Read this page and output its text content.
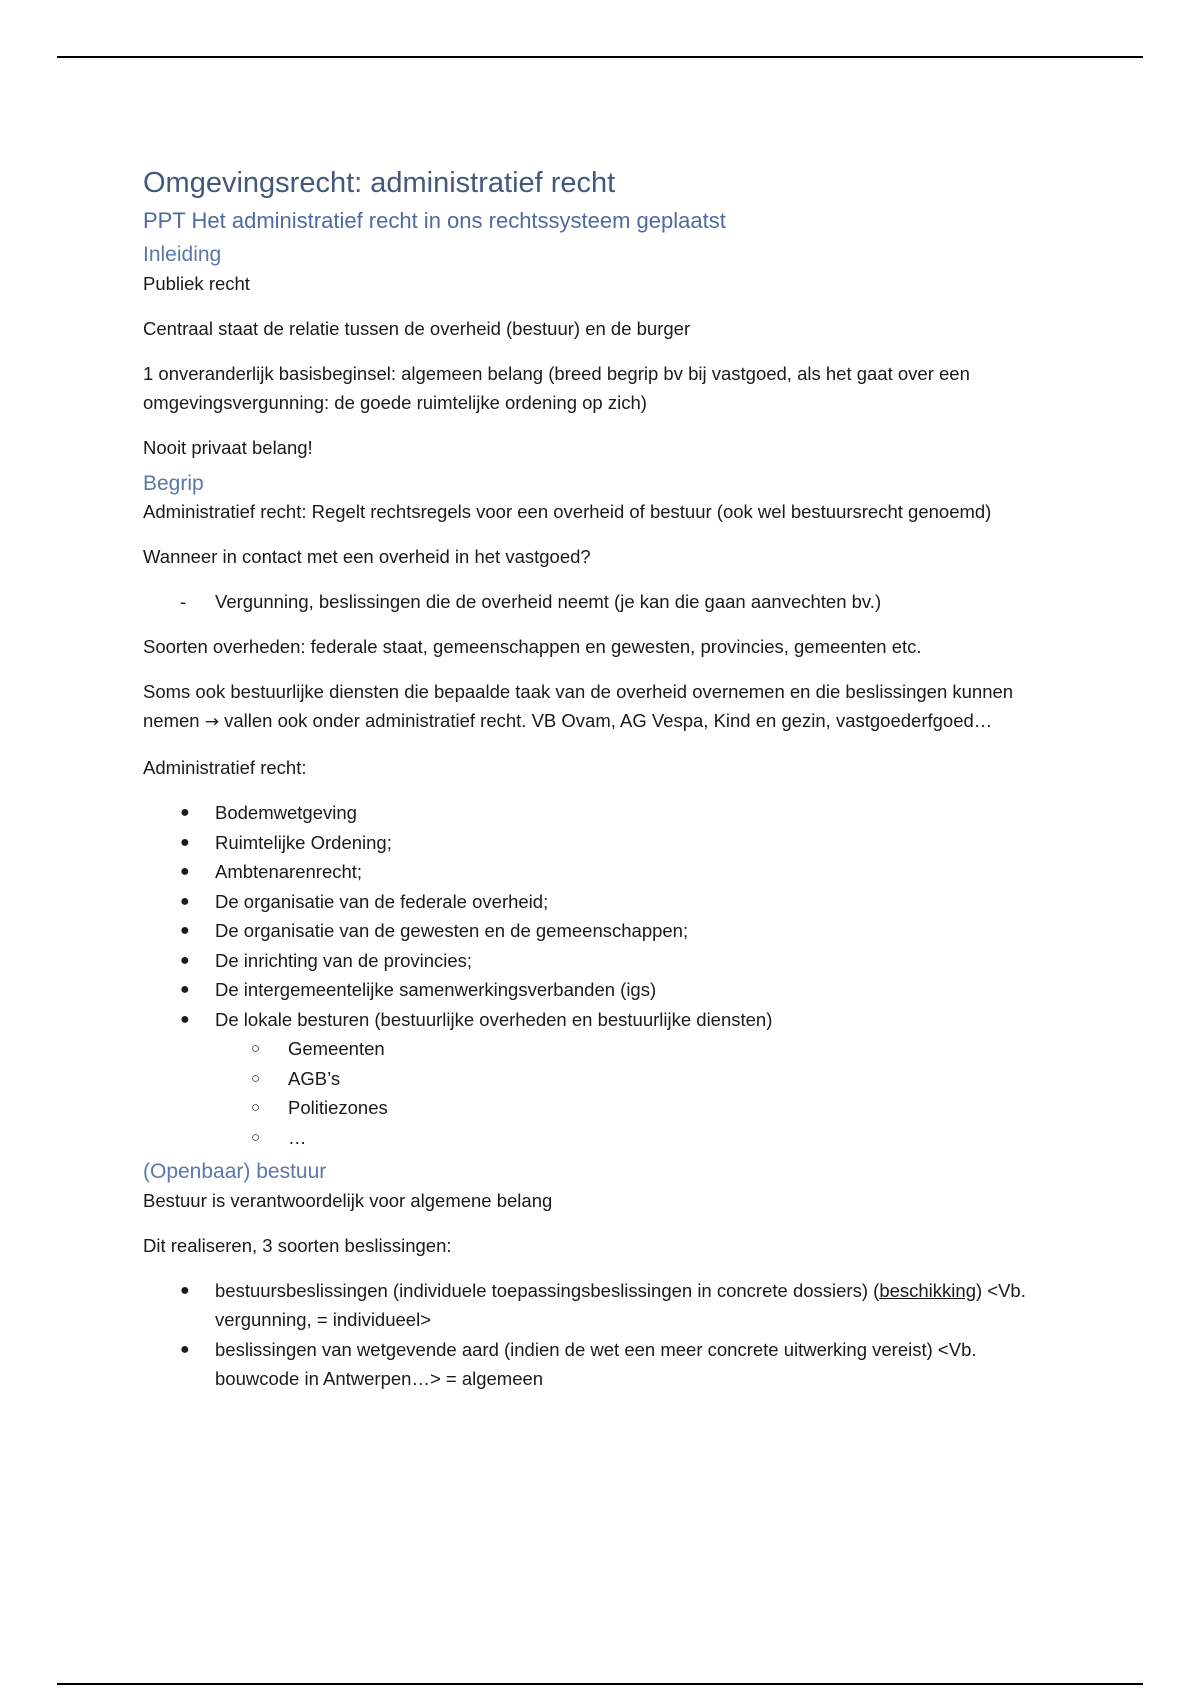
Omgevingsrecht: administratief recht
PPT Het administratief recht in ons rechtssysteem geplaatst
Inleiding

Publiek recht

Centraal staat de relatie tussen de overheid (bestuur) en de burger

1 onveranderlijk basisbeginsel: algemeen belang (breed begrip bv bij vastgoed, als het gaat over een omgevingsvergunning: de goede ruimtelijke ordening op zich)

Nooit privaat belang!

Begrip

Administratief recht: Regelt rechtsregels voor een overheid of bestuur (ook wel bestuursrecht genoemd)

Wanneer in contact met een overheid in het vastgoed?

- Vergunning, beslissingen die de overheid neemt (je kan die gaan aanvechten bv.)

Soorten overheden: federale staat, gemeenschappen en gewesten, provincies, gemeenten etc.

Soms ook bestuurlijke diensten die bepaalde taak van de overheid overnemen en die beslissingen kunnen nemen → vallen ook onder administratief recht. VB Ovam, AG Vespa, Kind en gezin, vastgoederfgoed…

Administratief recht:

● Bodemwetgeving
● Ruimtelijke Ordening;
● Ambtenarenrecht;
● De organisatie van de federale overheid;
● De organisatie van de gewesten en de gemeenschappen;
● De inrichting van de provincies;
● De intergemeentelijke samenwerkingsverbanden (igs)
● De lokale besturen (bestuurlijke overheden en bestuurlijke diensten)
○ Gemeenten
○ AGB’s
○ Politiezones
○ …
(Openbaar) bestuur

Bestuur is verantwoordelijk voor algemene belang

Dit realiseren, 3 soorten beslissingen:

● bestuursbeslissingen (individuele toepassingsbeslissingen in concrete dossiers) (beschikking) <Vb. vergunning, = individueel>
● beslissingen van wetgevende aard (indien de wet een meer concrete uitwerking vereist) <Vb. bouwcode in Antwerpen…> = algemeen
